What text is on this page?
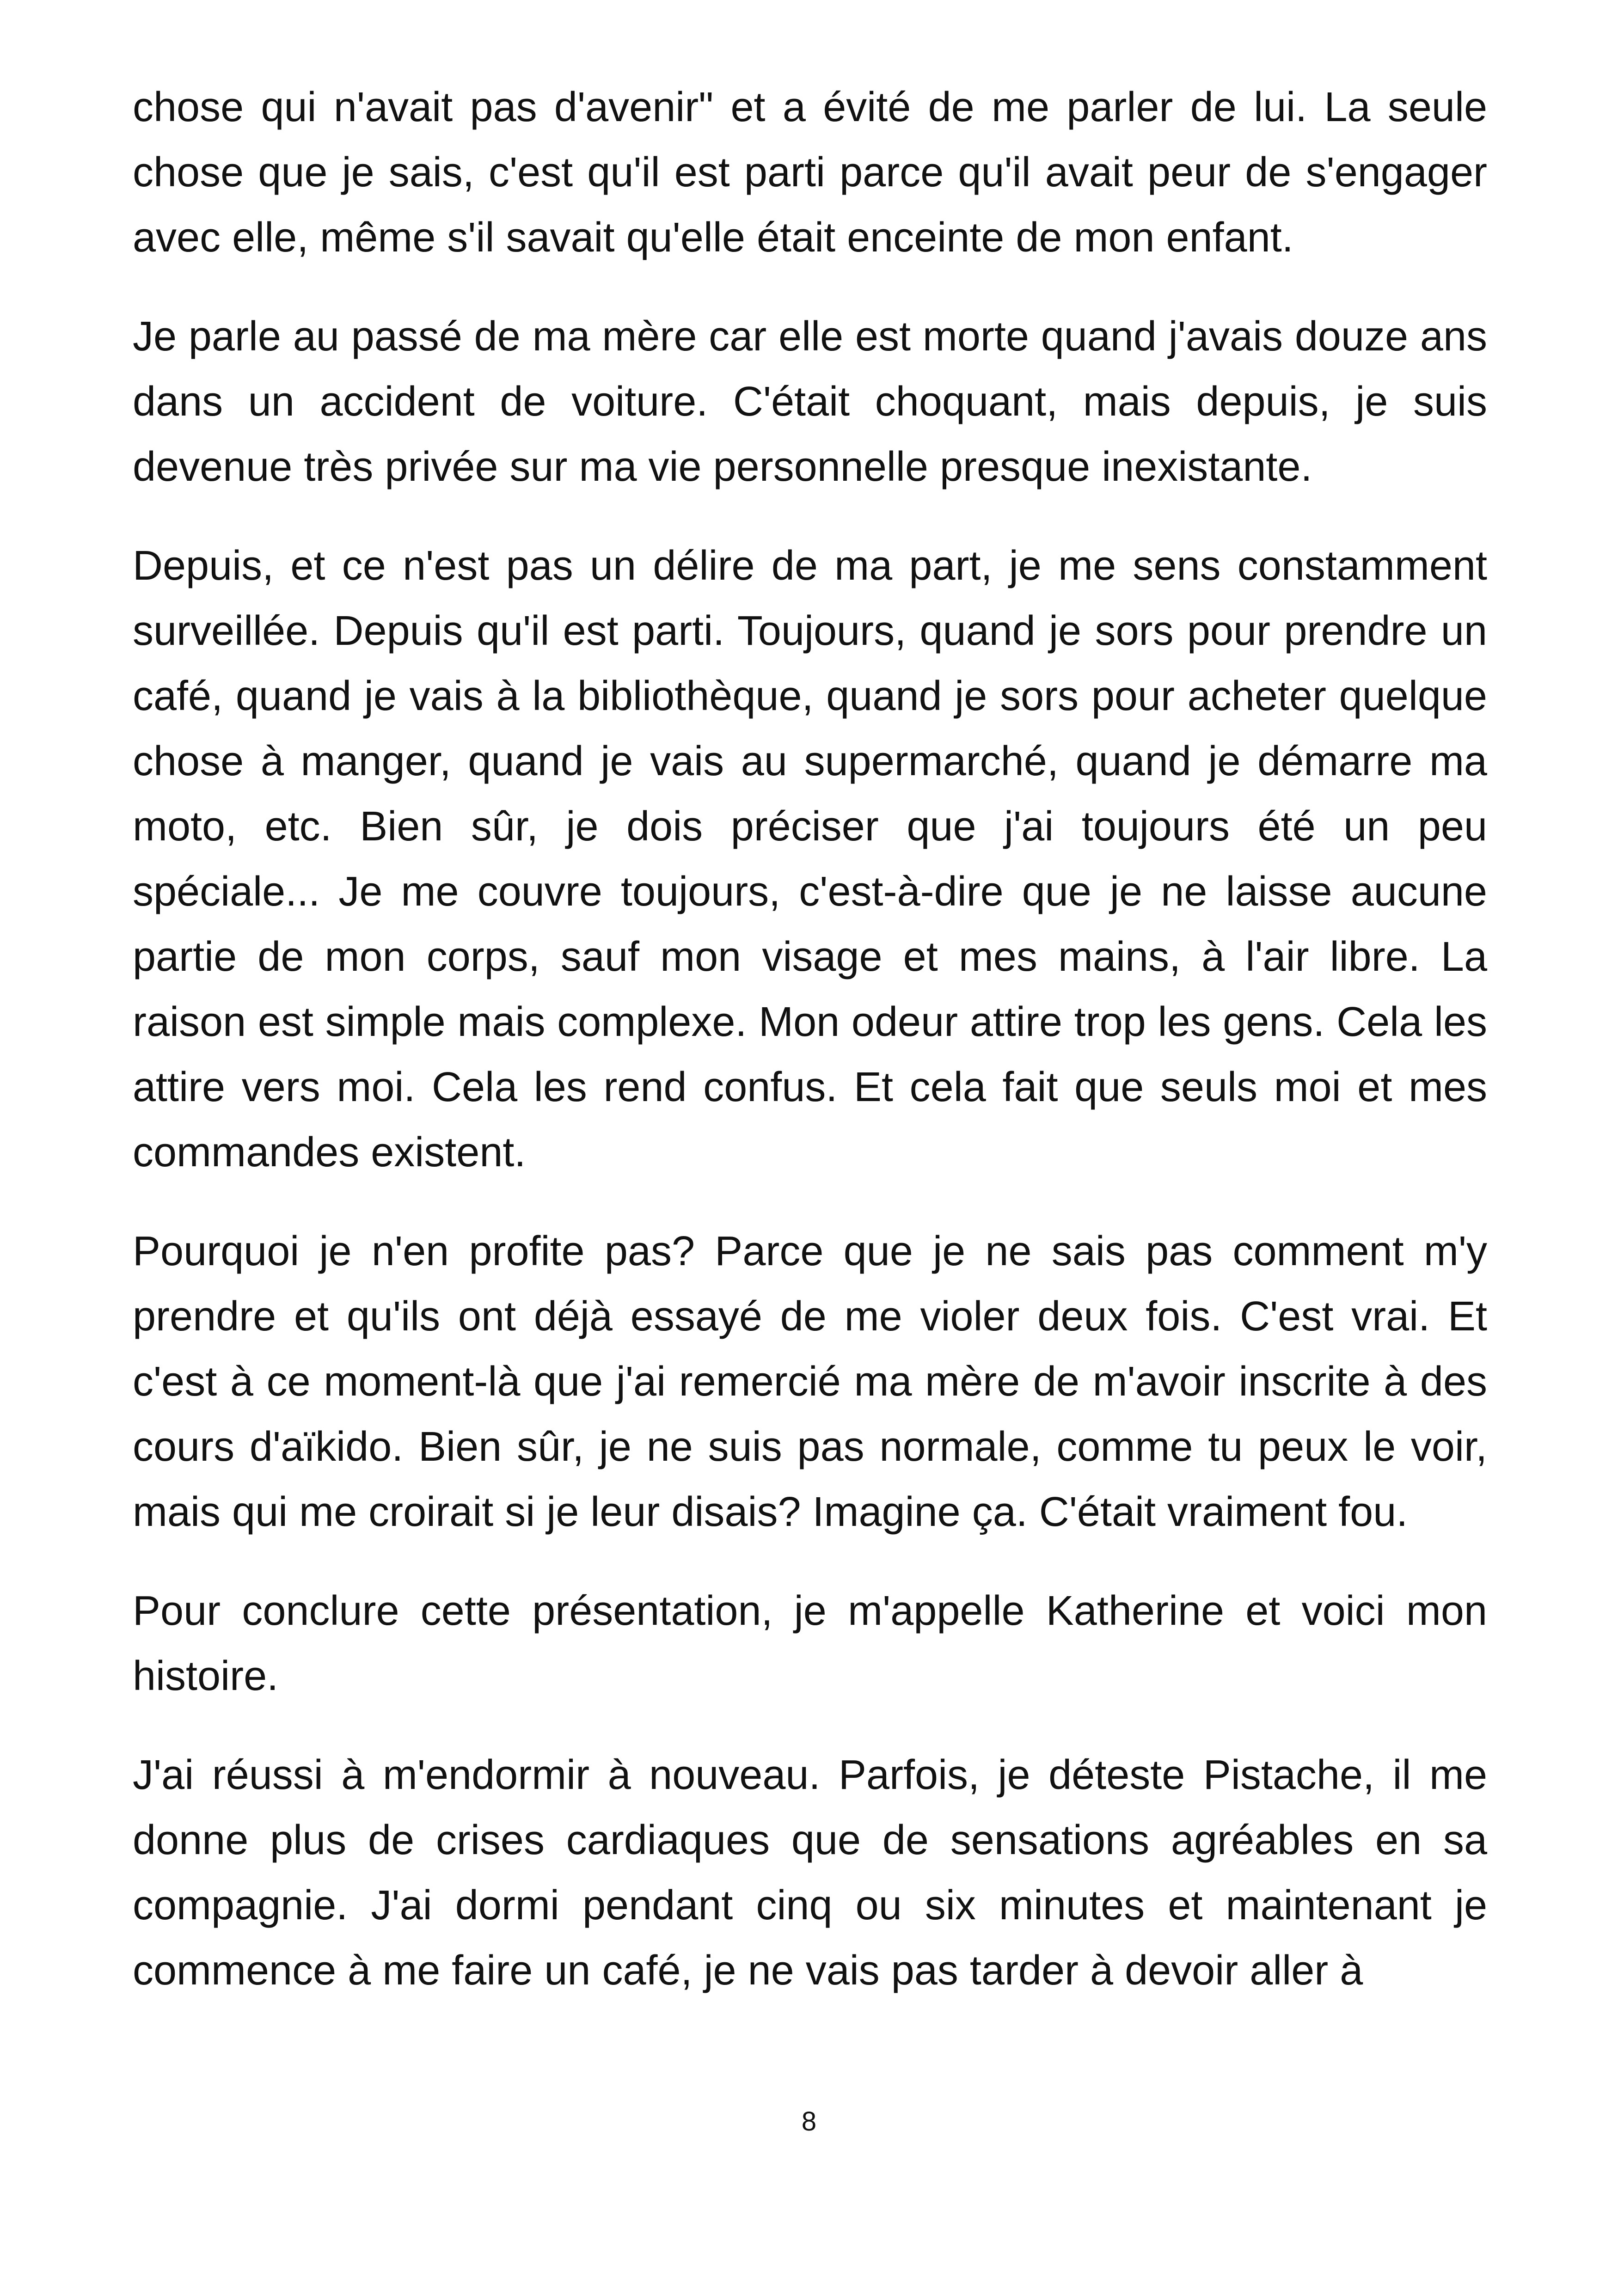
chose qui n'avait pas d'avenir" et a évité de me parler de lui. La seule chose que je sais, c'est qu'il est parti parce qu'il avait peur de s'engager avec elle, même s'il savait qu'elle était enceinte de mon enfant.

Je parle au passé de ma mère car elle est morte quand j'avais douze ans dans un accident de voiture. C'était choquant, mais depuis, je suis devenue très privée sur ma vie personnelle presque inexistante.

Depuis, et ce n'est pas un délire de ma part, je me sens constamment surveillée. Depuis qu'il est parti. Toujours, quand je sors pour prendre un café, quand je vais à la bibliothèque, quand je sors pour acheter quelque chose à manger, quand je vais au supermarché, quand je démarre ma moto, etc. Bien sûr, je dois préciser que j'ai toujours été un peu spéciale... Je me couvre toujours, c'est-à-dire que je ne laisse aucune partie de mon corps, sauf mon visage et mes mains, à l'air libre. La raison est simple mais complexe. Mon odeur attire trop les gens. Cela les attire vers moi. Cela les rend confus. Et cela fait que seuls moi et mes commandes existent.

Pourquoi je n'en profite pas? Parce que je ne sais pas comment m'y prendre et qu'ils ont déjà essayé de me violer deux fois. C'est vrai. Et c'est à ce moment-là que j'ai remercié ma mère de m'avoir inscrite à des cours d'aïkido. Bien sûr, je ne suis pas normale, comme tu peux le voir, mais qui me croirait si je leur disais? Imagine ça. C'était vraiment fou.

Pour conclure cette présentation, je m'appelle Katherine et voici mon histoire.

J'ai réussi à m'endormir à nouveau. Parfois, je déteste Pistache, il me donne plus de crises cardiaques que de sensations agréables en sa compagnie. J'ai dormi pendant cinq ou six minutes et maintenant je commence à me faire un café, je ne vais pas tarder à devoir aller à

8
